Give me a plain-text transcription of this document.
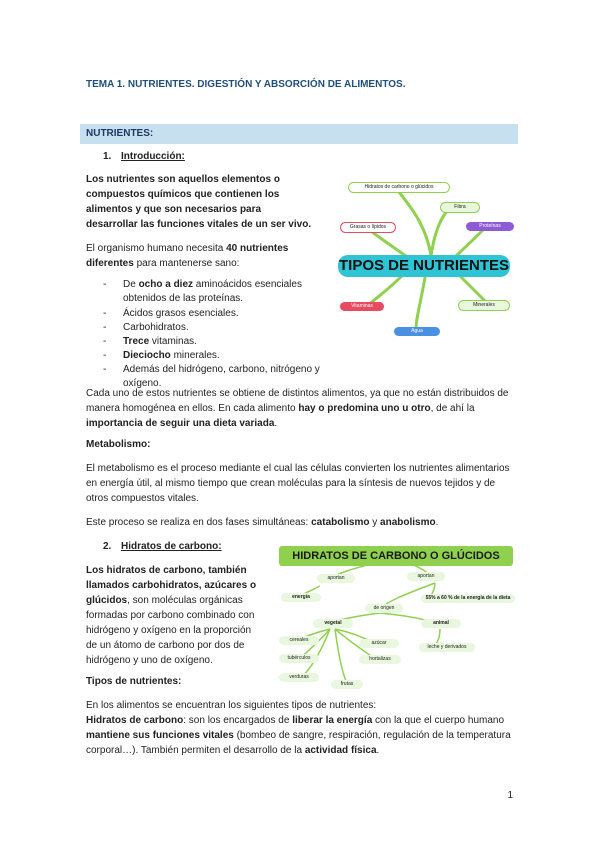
TEMA 1. NUTRIENTES. DIGESTIÓN Y ABSORCIÓN DE ALIMENTOS.
NUTRIENTES:
1. Introducción:
Los nutrientes son aquellos elementos o compuestos químicos que contienen los alimentos y que son necesarios para desarrollar las funciones vitales de un ser vivo.
El organismo humano necesita 40 nutrientes diferentes para mantenerse sano:
- De ocho a diez aminoácidos esenciales obtenidos de las proteínas.
- Ácidos grasos esenciales.
- Carbohidratos.
- Trece vitaminas.
- Dieciocho minerales.
- Además del hidrógeno, carbono, nitrógeno y oxígeno.
Hidratos de carbono o glúcidos
Fibra
Grasas o lípidos	Proteínas
TIPOS DE NUTRIENTES
Vitaminas	Minerales
Agua
Cada uno de estos nutrientes se obtiene de distintos alimentos, ya que no están distribuidos de manera homogénea en ellos. En cada alimento hay o predomina uno u otro, de ahí la importancia de seguir una dieta variada.
Metabolismo:
El metabolismo es el proceso mediante el cual las células convierten los nutrientes alimentarios en energía útil, al mismo tiempo que crean moléculas para la síntesis de nuevos tejidos y de otros compuestos vitales.
Este proceso se realiza en dos fases simultáneas: catabolismo y anabolismo.
2. Hidratos de carbono:
Los hidratos de carbono, también llamados carbohidratos, azúcares o glúcidos, son moléculas orgánicas formadas por carbono combinado con hidrógeno y oxígeno en la proporción de un átomo de carbono por dos de hidrógeno y uno de oxígeno.
HIDRATOS DE CARBONO O GLÚCIDOS
aportan	aportan
energía	55% a 60 % de la energía de la dieta
de origen
vegetal	animal
cereales	azúcar
leche y derivados
tubérculos	hortalizas
verduras
frutas
Tipos de nutrientes:
En los alimentos se encuentran los siguientes tipos de nutrientes:
Hidratos de carbono: son los encargados de liberar la energía con la que el cuerpo humano mantiene sus funciones vitales (bombeo de sangre, respiración, regulación de la temperatura corporal…). También permiten el desarrollo de la actividad física.
1
